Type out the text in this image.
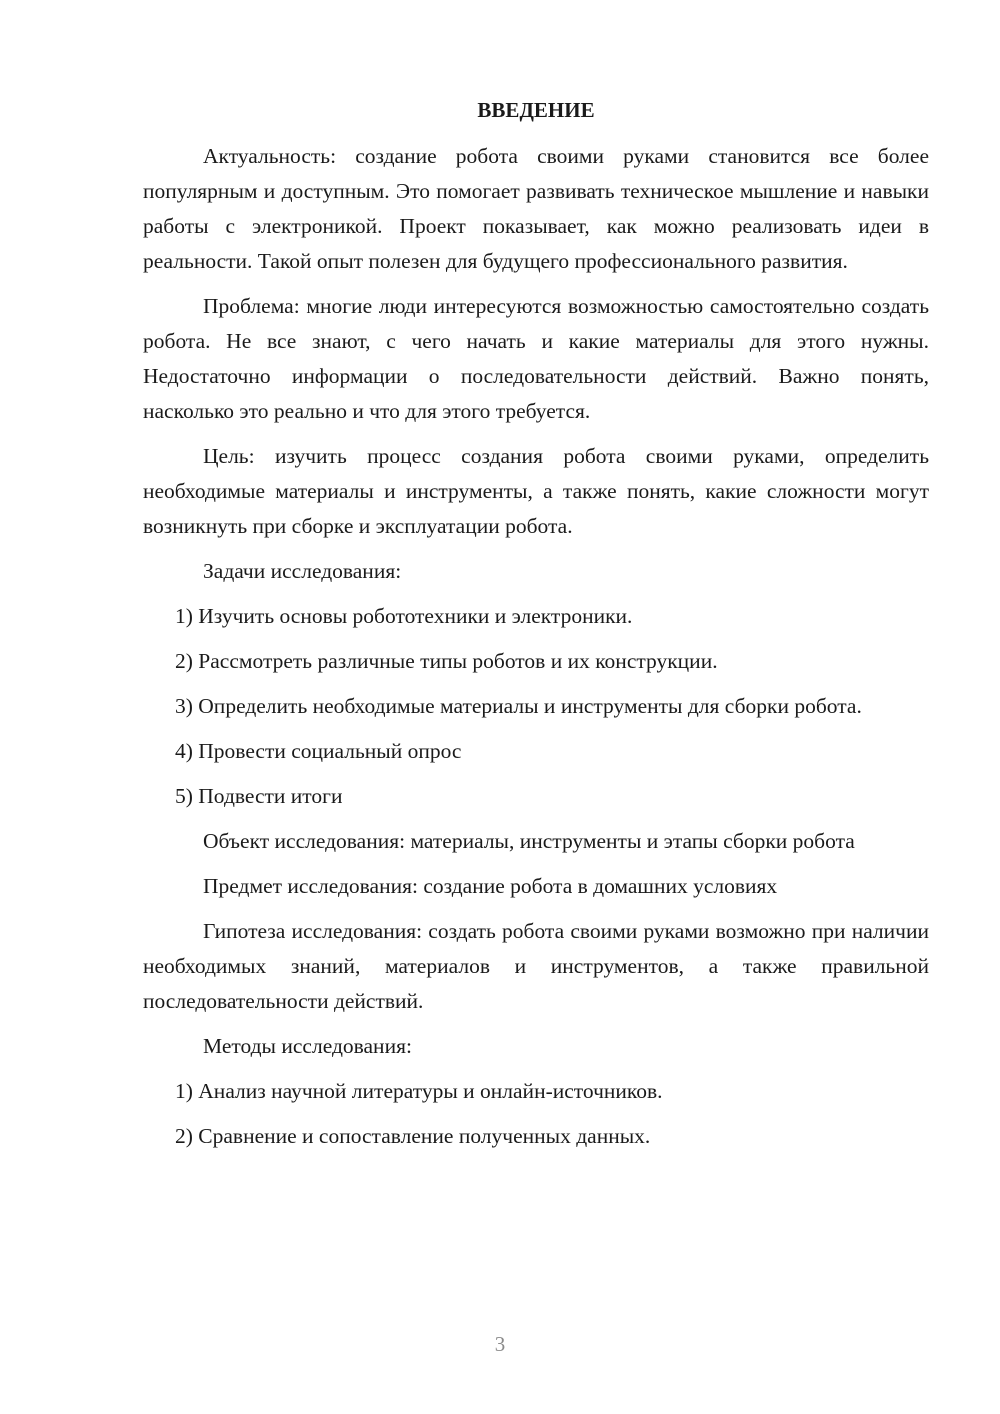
ВВЕДЕНИЕ

Актуальность: создание робота своими руками становится все более популярным и доступным. Это помогает развивать техническое мышление и навыки работы с электроникой. Проект показывает, как можно реализовать идеи в реальности. Такой опыт полезен для будущего профессионального развития.

Проблема: многие люди интересуются возможностью самостоятельно создать робота. Не все знают, с чего начать и какие материалы для этого нужны. Недостаточно информации о последовательности действий. Важно понять, насколько это реально и что для этого требуется.

Цель: изучить процесс создания робота своими руками, определить необходимые материалы и инструменты, а также понять, какие сложности могут возникнуть при сборке и эксплуатации робота.

Задачи исследования:

1) Изучить основы робототехники и электроники.

2) Рассмотреть различные типы роботов и их конструкции.

3) Определить необходимые материалы и инструменты для сборки робота.

4) Провести социальный опрос

5) Подвести итоги

Объект исследования: материалы, инструменты и этапы сборки робота

Предмет исследования: создание робота в домашних условиях

Гипотеза исследования: создать робота своими руками возможно при наличии необходимых знаний, материалов и инструментов, а также правильной последовательности действий.

Методы исследования:

1) Анализ научной литературы и онлайн-источников.

2) Сравнение и сопоставление полученных данных.

3
